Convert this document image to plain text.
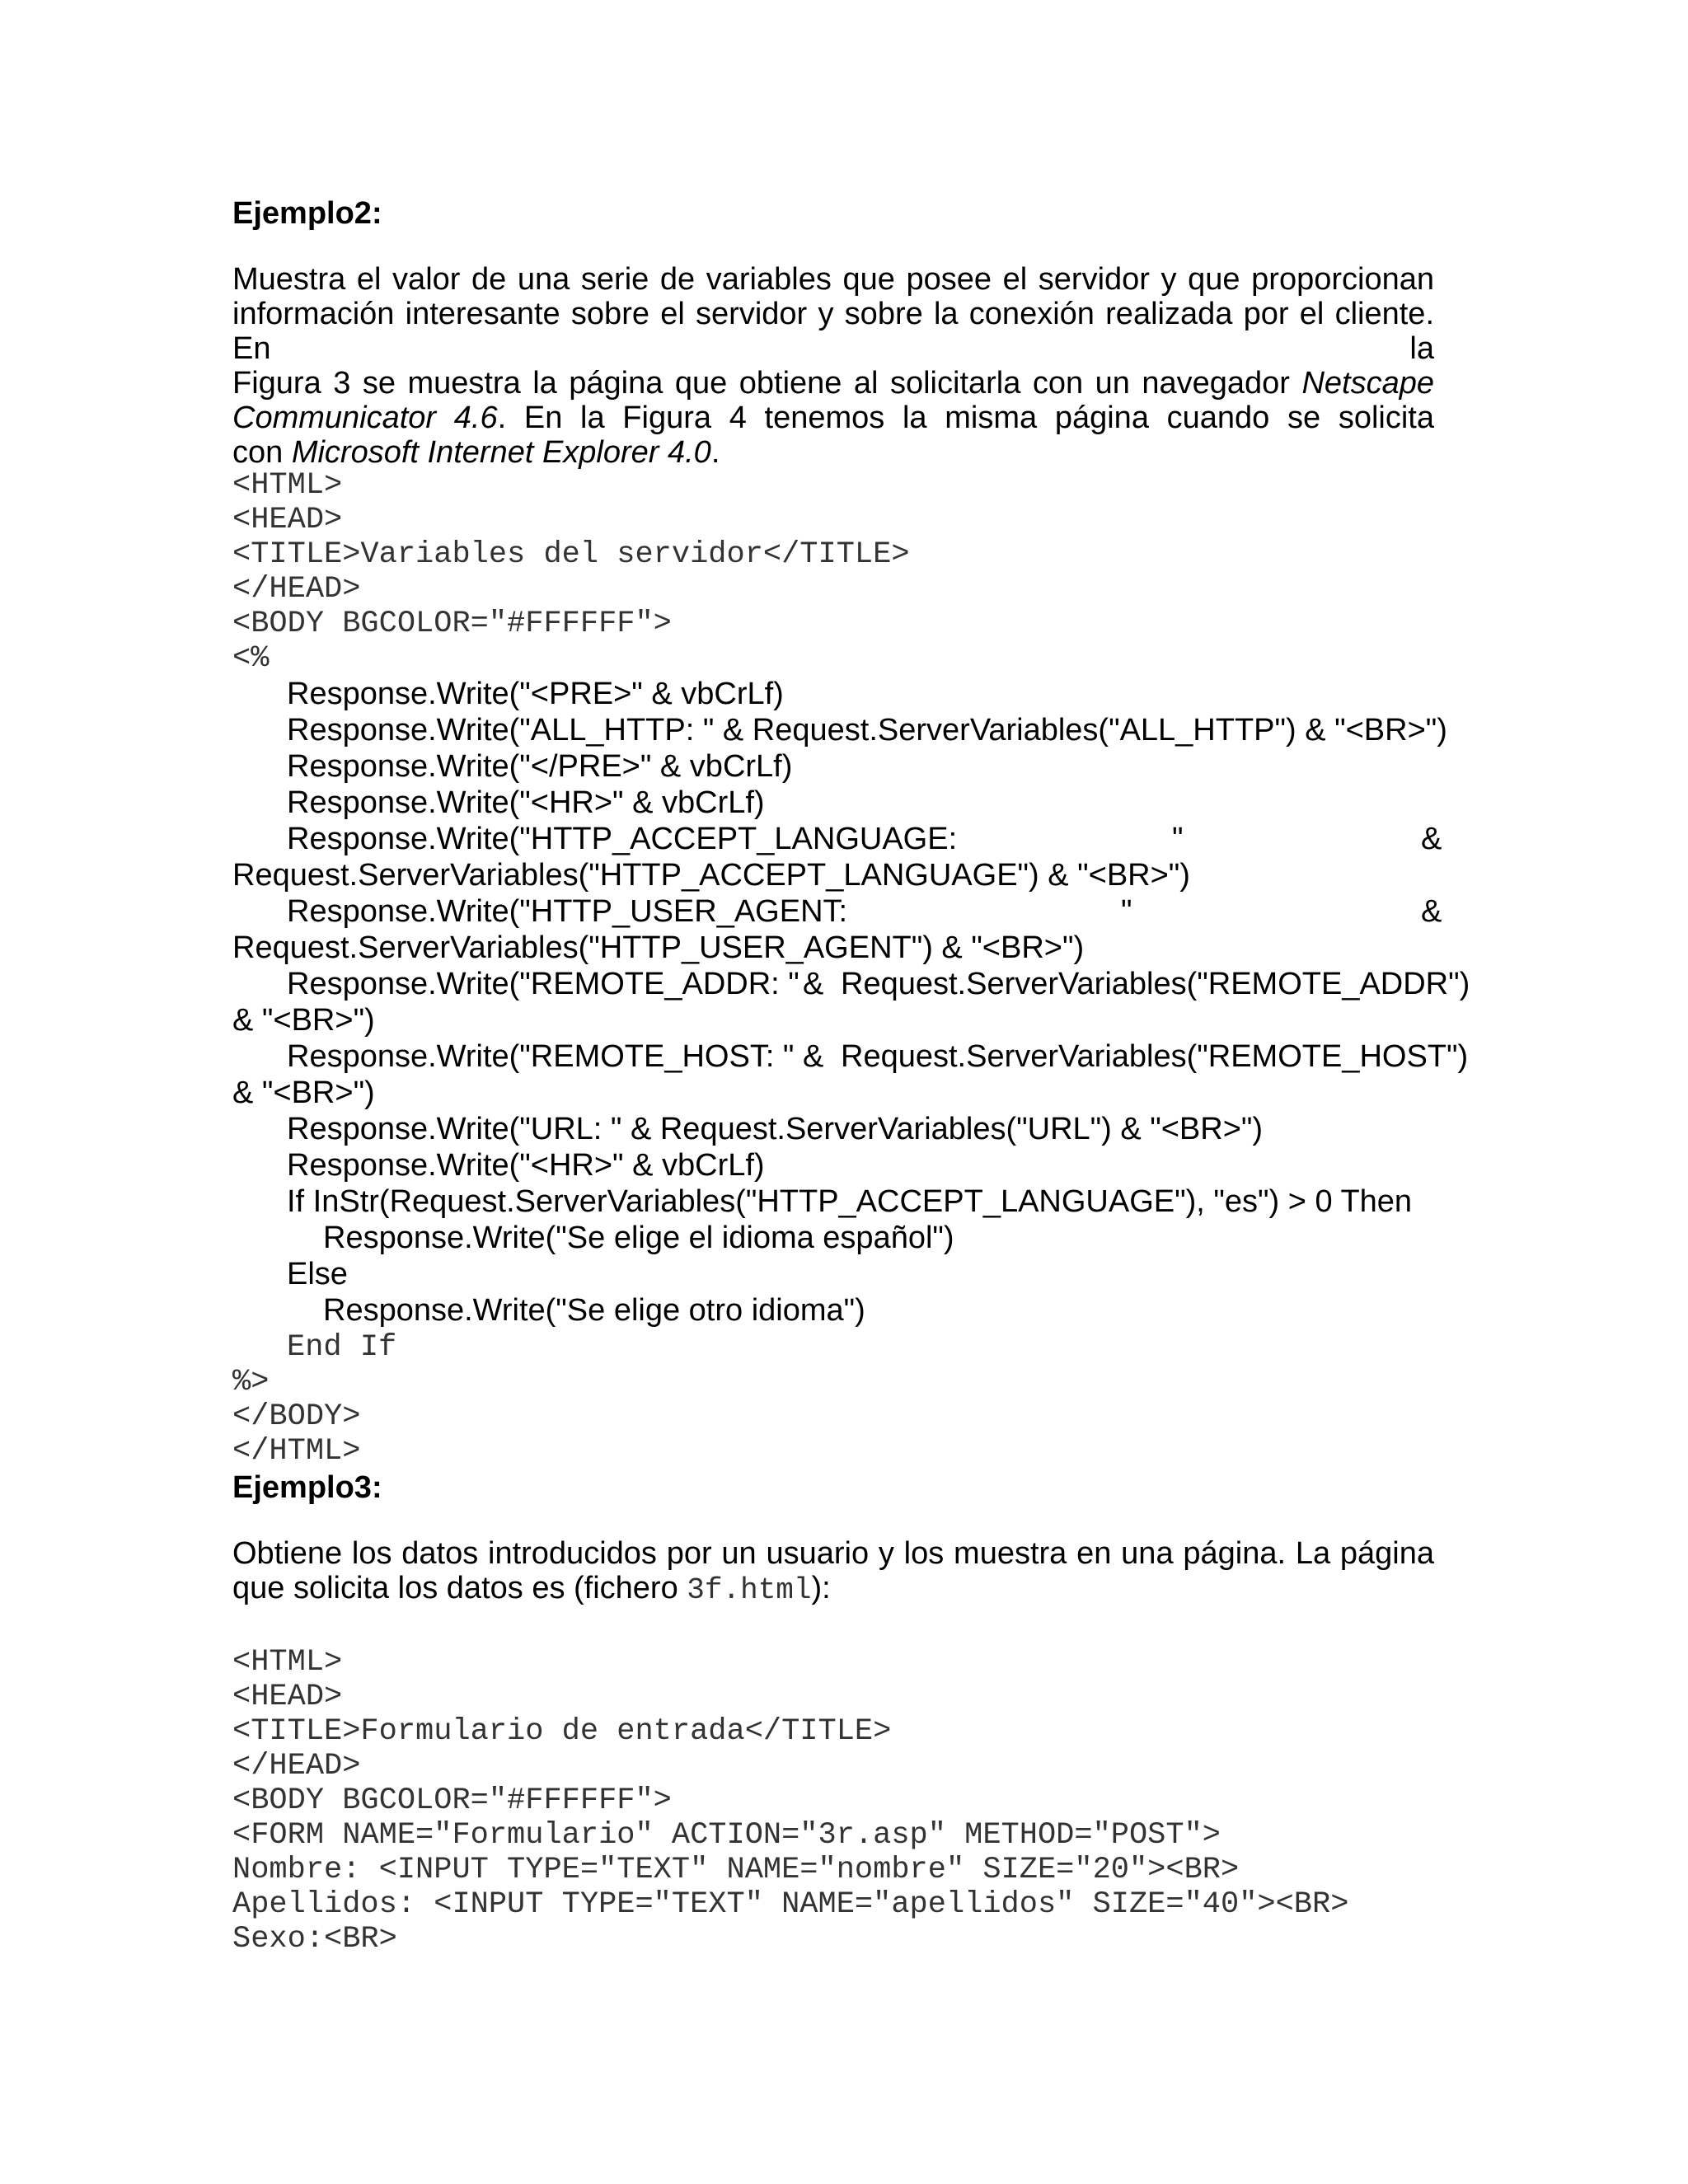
Ejemplo2:
Muestra el valor de una serie de variables que posee el servidor y que proporcionan
información interesante sobre el servidor y sobre la conexión realizada por el cliente. En la
Figura 3 se muestra la página que obtiene al solicitarla con un navegador Netscape
Communicator 4.6. En la Figura 4 tenemos la misma página cuando se solicita
con Microsoft Internet Explorer 4.0.
<HTML>
<HEAD>
<TITLE>Variables del servidor</TITLE>
</HEAD>
<BODY BGCOLOR="#FFFFFF">
<%
Response.Write("<PRE>" & vbCrLf)
Response.Write("ALL_HTTP: " & Request.ServerVariables("ALL_HTTP") & "<BR>")
Response.Write("</PRE>" & vbCrLf)
Response.Write("<HR>" & vbCrLf)
Response.Write("HTTP_ACCEPT_LANGUAGE:	"	&
Request.ServerVariables("HTTP_ACCEPT_LANGUAGE") & "<BR>")
Response.Write("HTTP_USER_AGENT:	"	&
Request.ServerVariables("HTTP_USER_AGENT") & "<BR>")
Response.Write("REMOTE_ADDR: " & Request.ServerVariables("REMOTE_ADDR")
& "<BR>")
Response.Write("REMOTE_HOST: " & Request.ServerVariables("REMOTE_HOST")
& "<BR>")
Response.Write("URL: " & Request.ServerVariables("URL") & "<BR>")
Response.Write("<HR>" & vbCrLf)
If InStr(Request.ServerVariables("HTTP_ACCEPT_LANGUAGE"), "es") > 0 Then
Response.Write("Se elige el idioma español")
Else
Response.Write("Se elige otro idioma")
End If
%>
</BODY>
</HTML>
Ejemplo3:
Obtiene los datos introducidos por un usuario y los muestra en una página. La página
que solicita los datos es (fichero 3f.html):
<HTML>
<HEAD>
<TITLE>Formulario de entrada</TITLE>
</HEAD>
<BODY BGCOLOR="#FFFFFF">
<FORM NAME="Formulario" ACTION="3r.asp" METHOD="POST">
Nombre: <INPUT TYPE="TEXT" NAME="nombre" SIZE="20"><BR>
Apellidos: <INPUT TYPE="TEXT" NAME="apellidos" SIZE="40"><BR>
Sexo:<BR>
